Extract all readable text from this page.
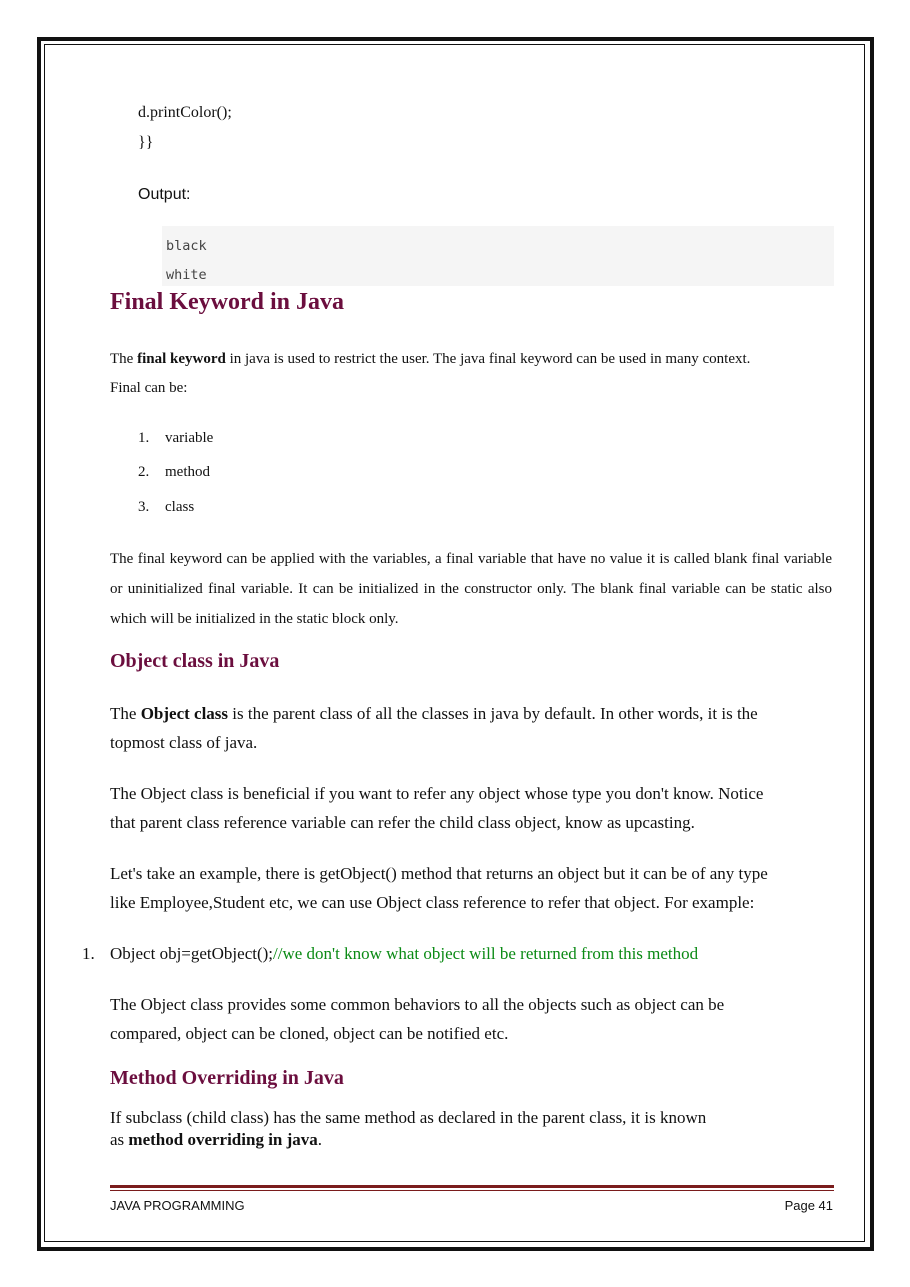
d.printColor();
}}
Output:
black
white
Final Keyword in Java
The final keyword in java is used to restrict the user. The java final keyword can be used in many context.
Final can be:
1. variable
2. method
3. class
The final keyword can be applied with the variables, a final variable that have no value it is called blank final variable or uninitialized final variable. It can be initialized in the constructor only. The blank final variable can be static also which will be initialized in the static block only.
Object class in Java
The Object class is the parent class of all the classes in java by default. In other words, it is the
topmost class of java.
The Object class is beneficial if you want to refer any object whose type you don't know. Notice
that parent class reference variable can refer the child class object, know as upcasting.
Let's take an example, there is getObject() method that returns an object but it can be of any type
like Employee,Student etc, we can use Object class reference to refer that object. For example:
1. Object obj=getObject();//we don't know what object will be returned from this method
The Object class provides some common behaviors to all the objects such as object can be
compared, object can be cloned, object can be notified etc.
Method Overriding in Java
If subclass (child class) has the same method as declared in the parent class, it is known
as method overriding in java.
JAVA PROGRAMMING	Page 41
